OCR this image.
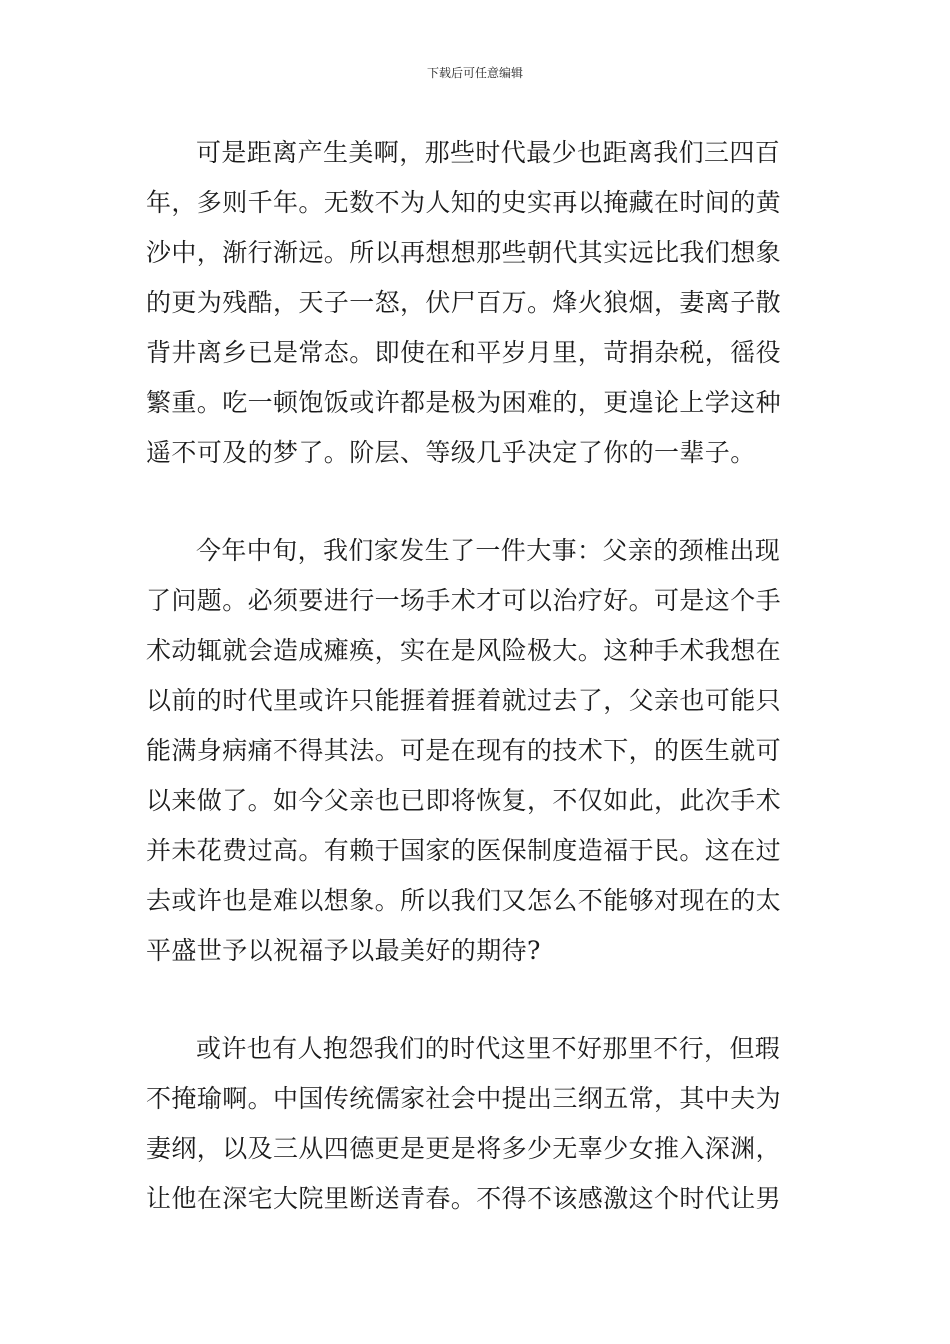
下载后可任意编辑
可是距离产生美啊，那些时代最少也距离我们三四百
年，多则千年。无数不为人知的史实再以掩藏在时间的黄
沙中，渐行渐远。所以再想想那些朝代其实远比我们想象
的更为残酷，天子一怒，伏尸百万。烽火狼烟，妻离子散
背井离乡已是常态。即使在和平岁月里，苛捐杂税，徭役
繁重。吃一顿饱饭或许都是极为困难的，更遑论上学这种
遥不可及的梦了。阶层、等级几乎决定了你的一辈子。
今年中旬，我们家发生了一件大事：父亲的颈椎出现
了问题。必须要进行一场手术才可以治疗好。可是这个手
术动辄就会造成瘫痪，实在是风险极大。这种手术我想在
以前的时代里或许只能捱着捱着就过去了，父亲也可能只
能满身病痛不得其法。可是在现有的技术下，的医生就可
以来做了。如今父亲也已即将恢复，不仅如此，此次手术
并未花费过高。有赖于国家的医保制度造福于民。这在过
去或许也是难以想象。所以我们又怎么不能够对现在的太
平盛世予以祝福予以最美好的期待?
或许也有人抱怨我们的时代这里不好那里不行，但瑕
不掩瑜啊。中国传统儒家社会中提出三纲五常，其中夫为
妻纲，以及三从四德更是更是将多少无辜少女推入深渊，
让他在深宅大院里断送青春。不得不该感激这个时代让男
